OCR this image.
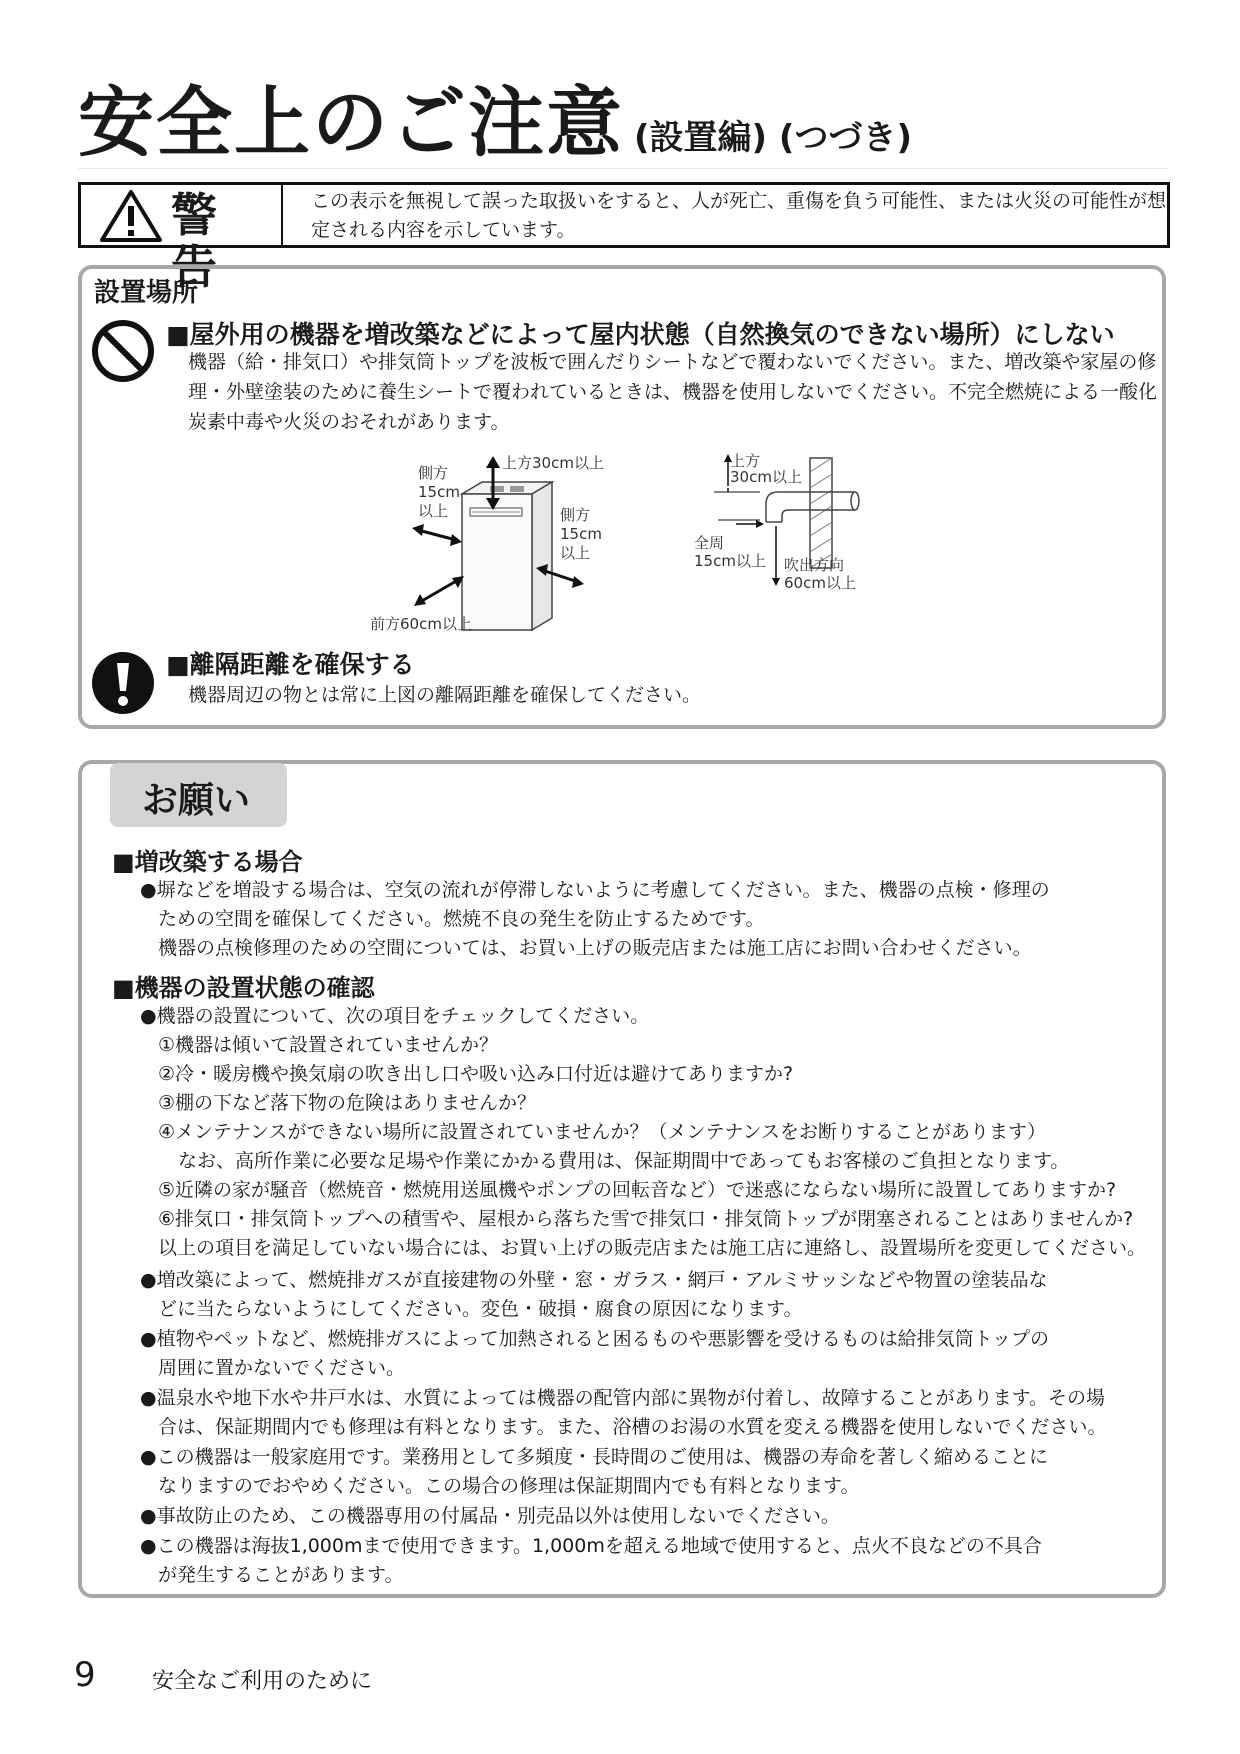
安全上のご注意 (設置編) (つづき)
警告
この表示を無視して誤った取扱いをすると、人が死亡、重傷を負う可能性、または火災の可能性が想定される内容を示しています。
設置場所
■屋外用の機器を増改築などによって屋内状態（自然換気のできない場所）にしない
機器（給・排気口）や排気筒トップを波板で囲んだりシートなどで覆わないでください。また、増改築や家屋の修理・外壁塗装のために養生シートで覆われているときは、機器を使用しないでください。不完全燃焼による一酸化炭素中毒や火災のおそれがあります。
上方30cm以上
側方
15cm
以上	側方
15cm
以上
前方60cm以上
上方
30cm以上
全周
15cm以上 吹出方向
60cm以上
■離隔距離を確保する
機器周辺の物とは常に上図の離隔距離を確保してください。
お願い
■増改築する場合
●塀などを増設する場合は、空気の流れが停滞しないように考慮してください。また、機器の点検・修理の
ための空間を確保してください。燃焼不良の発生を防止するためです。
機器の点検修理のための空間については、お買い上げの販売店または施工店にお問い合わせください。
■機器の設置状態の確認
●機器の設置について、次の項目をチェックしてください。
①機器は傾いて設置されていませんか？
②冷・暖房機や換気扇の吹き出し口や吸い込み口付近は避けてありますか?
③棚の下など落下物の危険はありませんか？
④メンテナンスができない場所に設置されていませんか？（メンテナンスをお断りすることがあります）
なお、高所作業に必要な足場や作業にかかる費用は、保証期間中であってもお客様のご負担となります。
⑤近隣の家が騒音（燃焼音・燃焼用送風機やポンプの回転音など）で迷惑にならない場所に設置してありますか?
⑥排気口・排気筒トップへの積雪や、屋根から落ちた雪で排気口・排気筒トップが閉塞されることはありませんか?
以上の項目を満足していない場合には、お買い上げの販売店または施工店に連絡し、設置場所を変更してください。
●増改築によって、燃焼排ガスが直接建物の外壁・窓・ガラス・網戸・アルミサッシなどや物置の塗装品な
どに当たらないようにしてください。変色・破損・腐食の原因になります。
●植物やペットなど、燃焼排ガスによって加熱されると困るものや悪影響を受けるものは給排気筒トップの
周囲に置かないでください。
●温泉水や地下水や井戸水は、水質によっては機器の配管内部に異物が付着し、故障することがあります。その場
合は、保証期間内でも修理は有料となります。また、浴槽のお湯の水質を変える機器を使用しないでください。
●この機器は一般家庭用です。業務用として多頻度・長時間のご使用は、機器の寿命を著しく縮めることに
なりますのでおやめください。この場合の修理は保証期間内でも有料となります。
●事故防止のため、この機器専用の付属品・別売品以外は使用しないでください。
●この機器は海抜1,000mまで使用できます。1,000mを超える地域で使用すると、点火不良などの不具合
が発生することがあります。
9	安全なご利用のために
